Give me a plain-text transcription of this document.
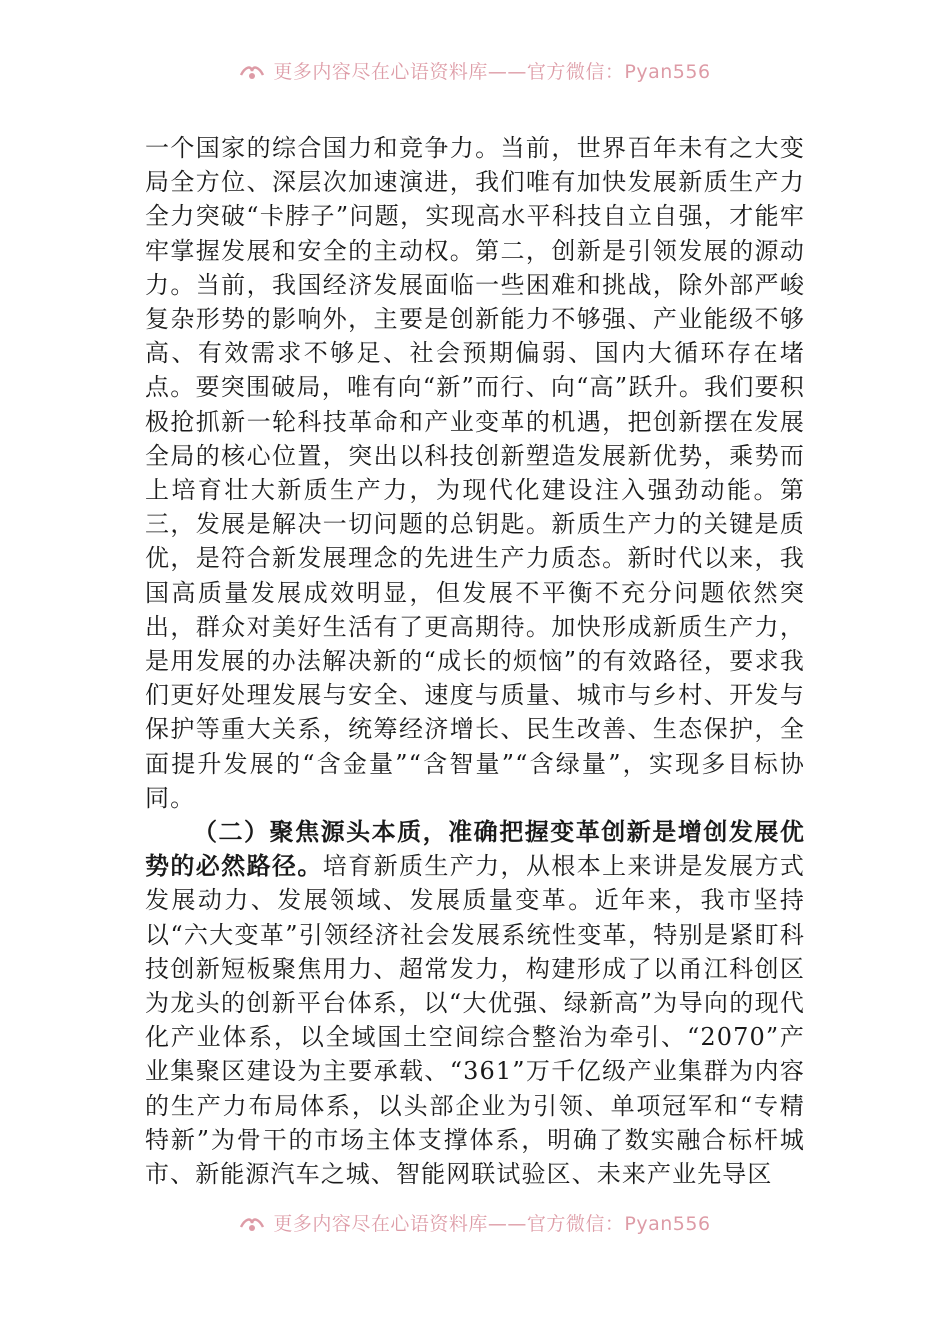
更多内容尽在心语资料库——官方微信：Pyan556

一个国家的综合国力和竞争力。当前，世界百年未有之大变局全方位、深层次加速演进，我们唯有加快发展新质生产力全力突破“卡脖子”问题，实现高水平科技自立自强，才能牢牢掌握发展和安全的主动权。第二，创新是引领发展的源动力。当前，我国经济发展面临一些困难和挑战，除外部严峻复杂形势的影响外，主要是创新能力不够强、产业能级不够高、有效需求不够足、社会预期偏弱、国内大循环存在堵点。要突围破局，唯有向“新”而行、向“高”跃升。我们要积极抢抓新一轮科技革命和产业变革的机遇，把创新摆在发展全局的核心位置，突出以科技创新塑造发展新优势，乘势而上培育壮大新质生产力，为现代化建设注入强劲动能。第三，发展是解决一切问题的总钥匙。新质生产力的关键是质优，是符合新发展理念的先进生产力质态。新时代以来，我国高质量发展成效明显，但发展不平衡不充分问题依然突出，群众对美好生活有了更高期待。加快形成新质生产力，是用发展的办法解决新的“成长的烦恼”的有效路径，要求我们更好处理发展与安全、速度与质量、城市与乡村、开发与保护等重大关系，统筹经济增长、民生改善、生态保护，全面提升发展的“含金量”“含智量”“含绿量”，实现多目标协同。

（二）聚焦源头本质，准确把握变革创新是增创发展优势的必然路径。培育新质生产力，从根本上来讲是发展方式发展动力、发展领域、发展质量变革。近年来，我市坚持以“六大变革”引领经济社会发展系统性变革，特别是紧盯科技创新短板聚焦用力、超常发力，构建形成了以甬江科创区为龙头的创新平台体系，以“大优强、绿新高”为导向的现代化产业体系，以全域国土空间综合整治为牵引、“2070”产业集聚区建设为主要承载、“361”万千亿级产业集群为内容的生产力布局体系，以头部企业为引领、单项冠军和“专精特新”为骨干的市场主体支撑体系，明确了数实融合标杆城市、新能源汽车之城、智能网联试验区、未来产业先导区

更多内容尽在心语资料库——官方微信：Pyan556
